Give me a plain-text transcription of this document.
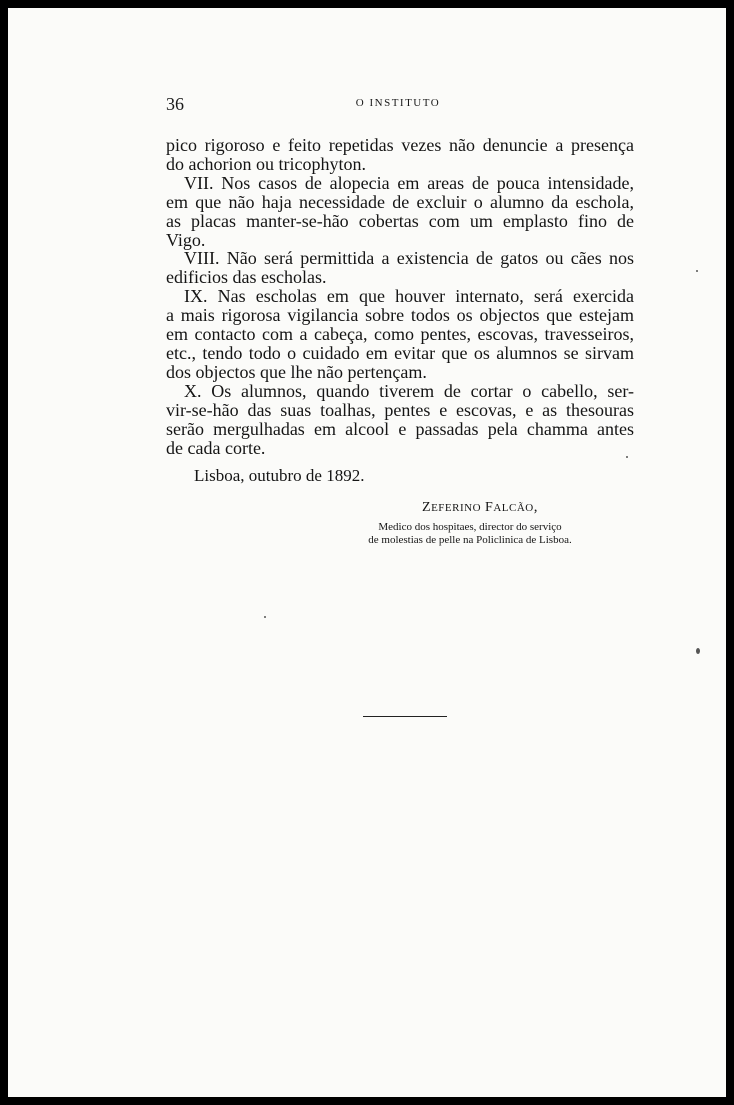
36	O INSTITUTO
pico rigoroso e feito repetidas vezes não denuncie a presença
do achorion ou tricophyton.
VII. Nos casos de alopecia em areas de pouca intensidade,
em que não haja necessidade de excluir o alumno da eschola,
as placas manter-se-hão cobertas com um emplasto fino de
Vigo.
VIII. Não será permittida a existencia de gatos ou cães nos
edificios das escholas.
IX. Nas escholas em que houver internato, será exercida
a mais rigorosa vigilancia sobre todos os objectos que estejam
em contacto com a cabeça, como pentes, escovas, travesseiros,
etc., tendo todo o cuidado em evitar que os alumnos se sirvam
dos objectos que lhe não pertençam.
X. Os alumnos, quando tiverem de cortar o cabello, ser-
vir-se-hão das suas toalhas, pentes e escovas, e as thesouras
serão mergulhadas em alcool e passadas pela chamma antes
de cada corte.
Lisboa, outubro de 1892.
Zeferino Falcão,
Medico dos hospitaes, director do serviço
de molestias de pelle na Policlinica de Lisboa.
